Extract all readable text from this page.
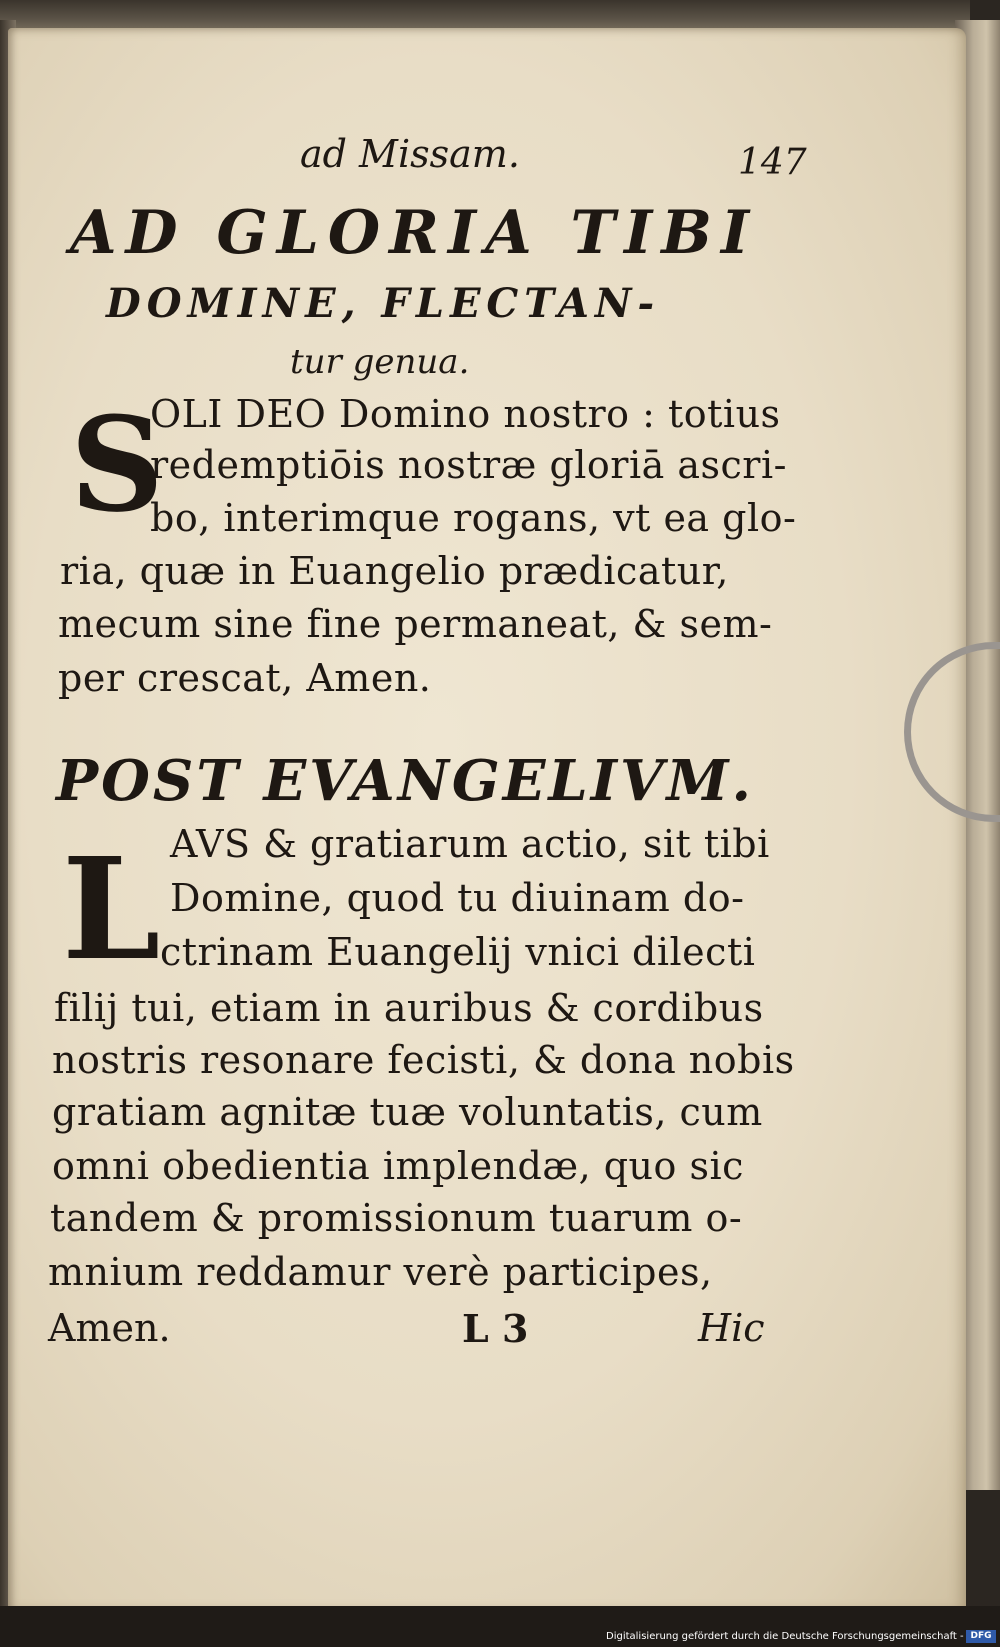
ad Missam.	147
AD GLORIA TIBI
DOMINE, FLECTAN-
tur genua.
S
OLI DEO Domino nostro : totius
redemptiōis nostræ gloriā ascri-
bo, interimque rogans, vt ea glo-
ria, quæ in Euangelio prædicatur,
mecum sine fine permaneat, & sem-
per crescat, Amen.
POST EVANGELIVM.
L AVS & gratiarum actio, sit tibi
Domine, quod tu diuinam do-
ctrinam Euangelij vnici dilecti
filij tui, etiam in auribus & cordibus
nostris resonare fecisti, & dona nobis
gratiam agnitæ tuæ voluntatis, cum
omni obedientia implendæ, quo sic
tandem & promissionum tuarum o-
mnium reddamur verè participes,
Amen.	L 3	Hic
Digitalisierung gefördert durch die Deutsche Forschungsgemeinschaft - DFG
